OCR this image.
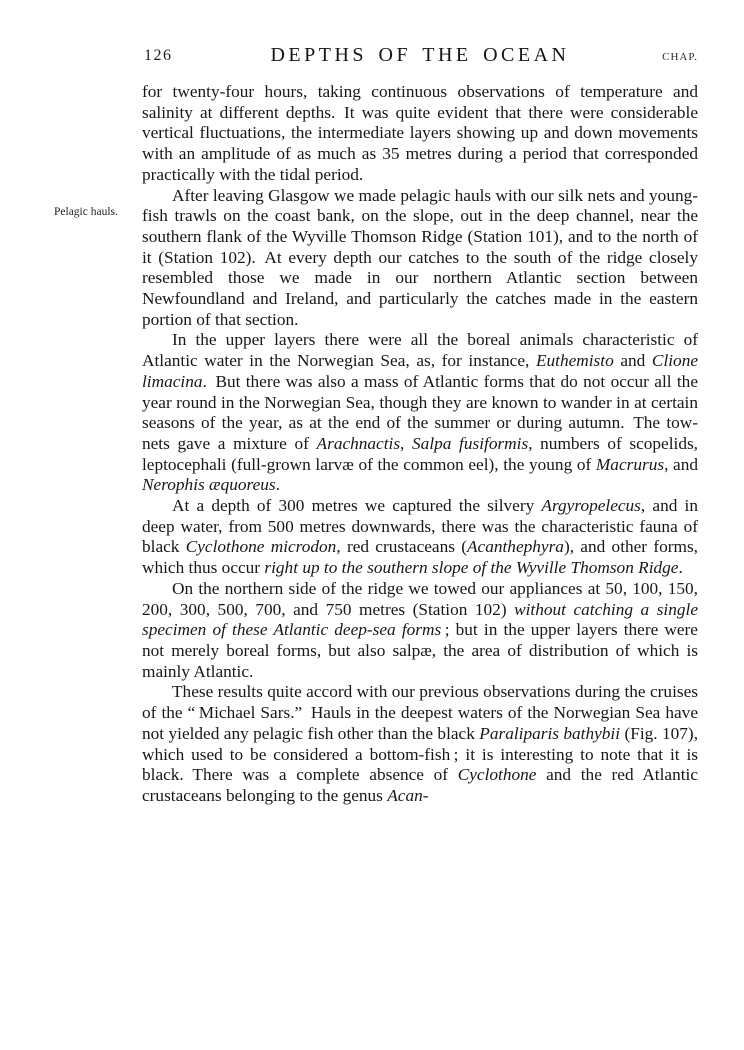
126	DEPTHS OF THE OCEAN	CHAP.
Pelagic hauls.

for twenty-four hours, taking continuous observations of temperature and salinity at different depths. It was quite evident that there were considerable vertical fluctuations, the intermediate layers showing up and down movements with an amplitude of as much as 35 metres during a period that corresponded practically with the tidal period.

After leaving Glasgow we made pelagic hauls with our silk nets and young-fish trawls on the coast bank, on the slope, out in the deep channel, near the southern flank of the Wyville Thomson Ridge (Station 101), and to the north of it (Station 102). At every depth our catches to the south of the ridge closely resembled those we made in our northern Atlantic section between Newfoundland and Ireland, and particularly the catches made in the eastern portion of that section.

In the upper layers there were all the boreal animals characteristic of Atlantic water in the Norwegian Sea, as, for instance, Euthemisto and Clione limacina. But there was also a mass of Atlantic forms that do not occur all the year round in the Norwegian Sea, though they are known to wander in at certain seasons of the year, as at the end of the summer or during autumn. The tow-nets gave a mixture of Arachnactis, Salpa fusiformis, numbers of scopelids, leptocephali (full-grown larvæ of the common eel), the young of Macrurus, and Nerophis æquoreus.

At a depth of 300 metres we captured the silvery Argyropelecus, and in deep water, from 500 metres downwards, there was the characteristic fauna of black Cyclothone microdon, red crustaceans (Acanthephyra), and other forms, which thus occur right up to the southern slope of the Wyville Thomson Ridge.

On the northern side of the ridge we towed our appliances at 50, 100, 150, 200, 300, 500, 700, and 750 metres (Station 102) without catching a single specimen of these Atlantic deep-sea forms ; but in the upper layers there were not merely boreal forms, but also salpæ, the area of distribution of which is mainly Atlantic.

These results quite accord with our previous observations during the cruises of the “ Michael Sars.” Hauls in the deepest waters of the Norwegian Sea have not yielded any pelagic fish other than the black Paraliparis bathybii (Fig. 107), which used to be considered a bottom-fish ; it is interesting to note that it is black. There was a complete absence of Cyclothone and the red Atlantic crustaceans belonging to the genus Acan-
